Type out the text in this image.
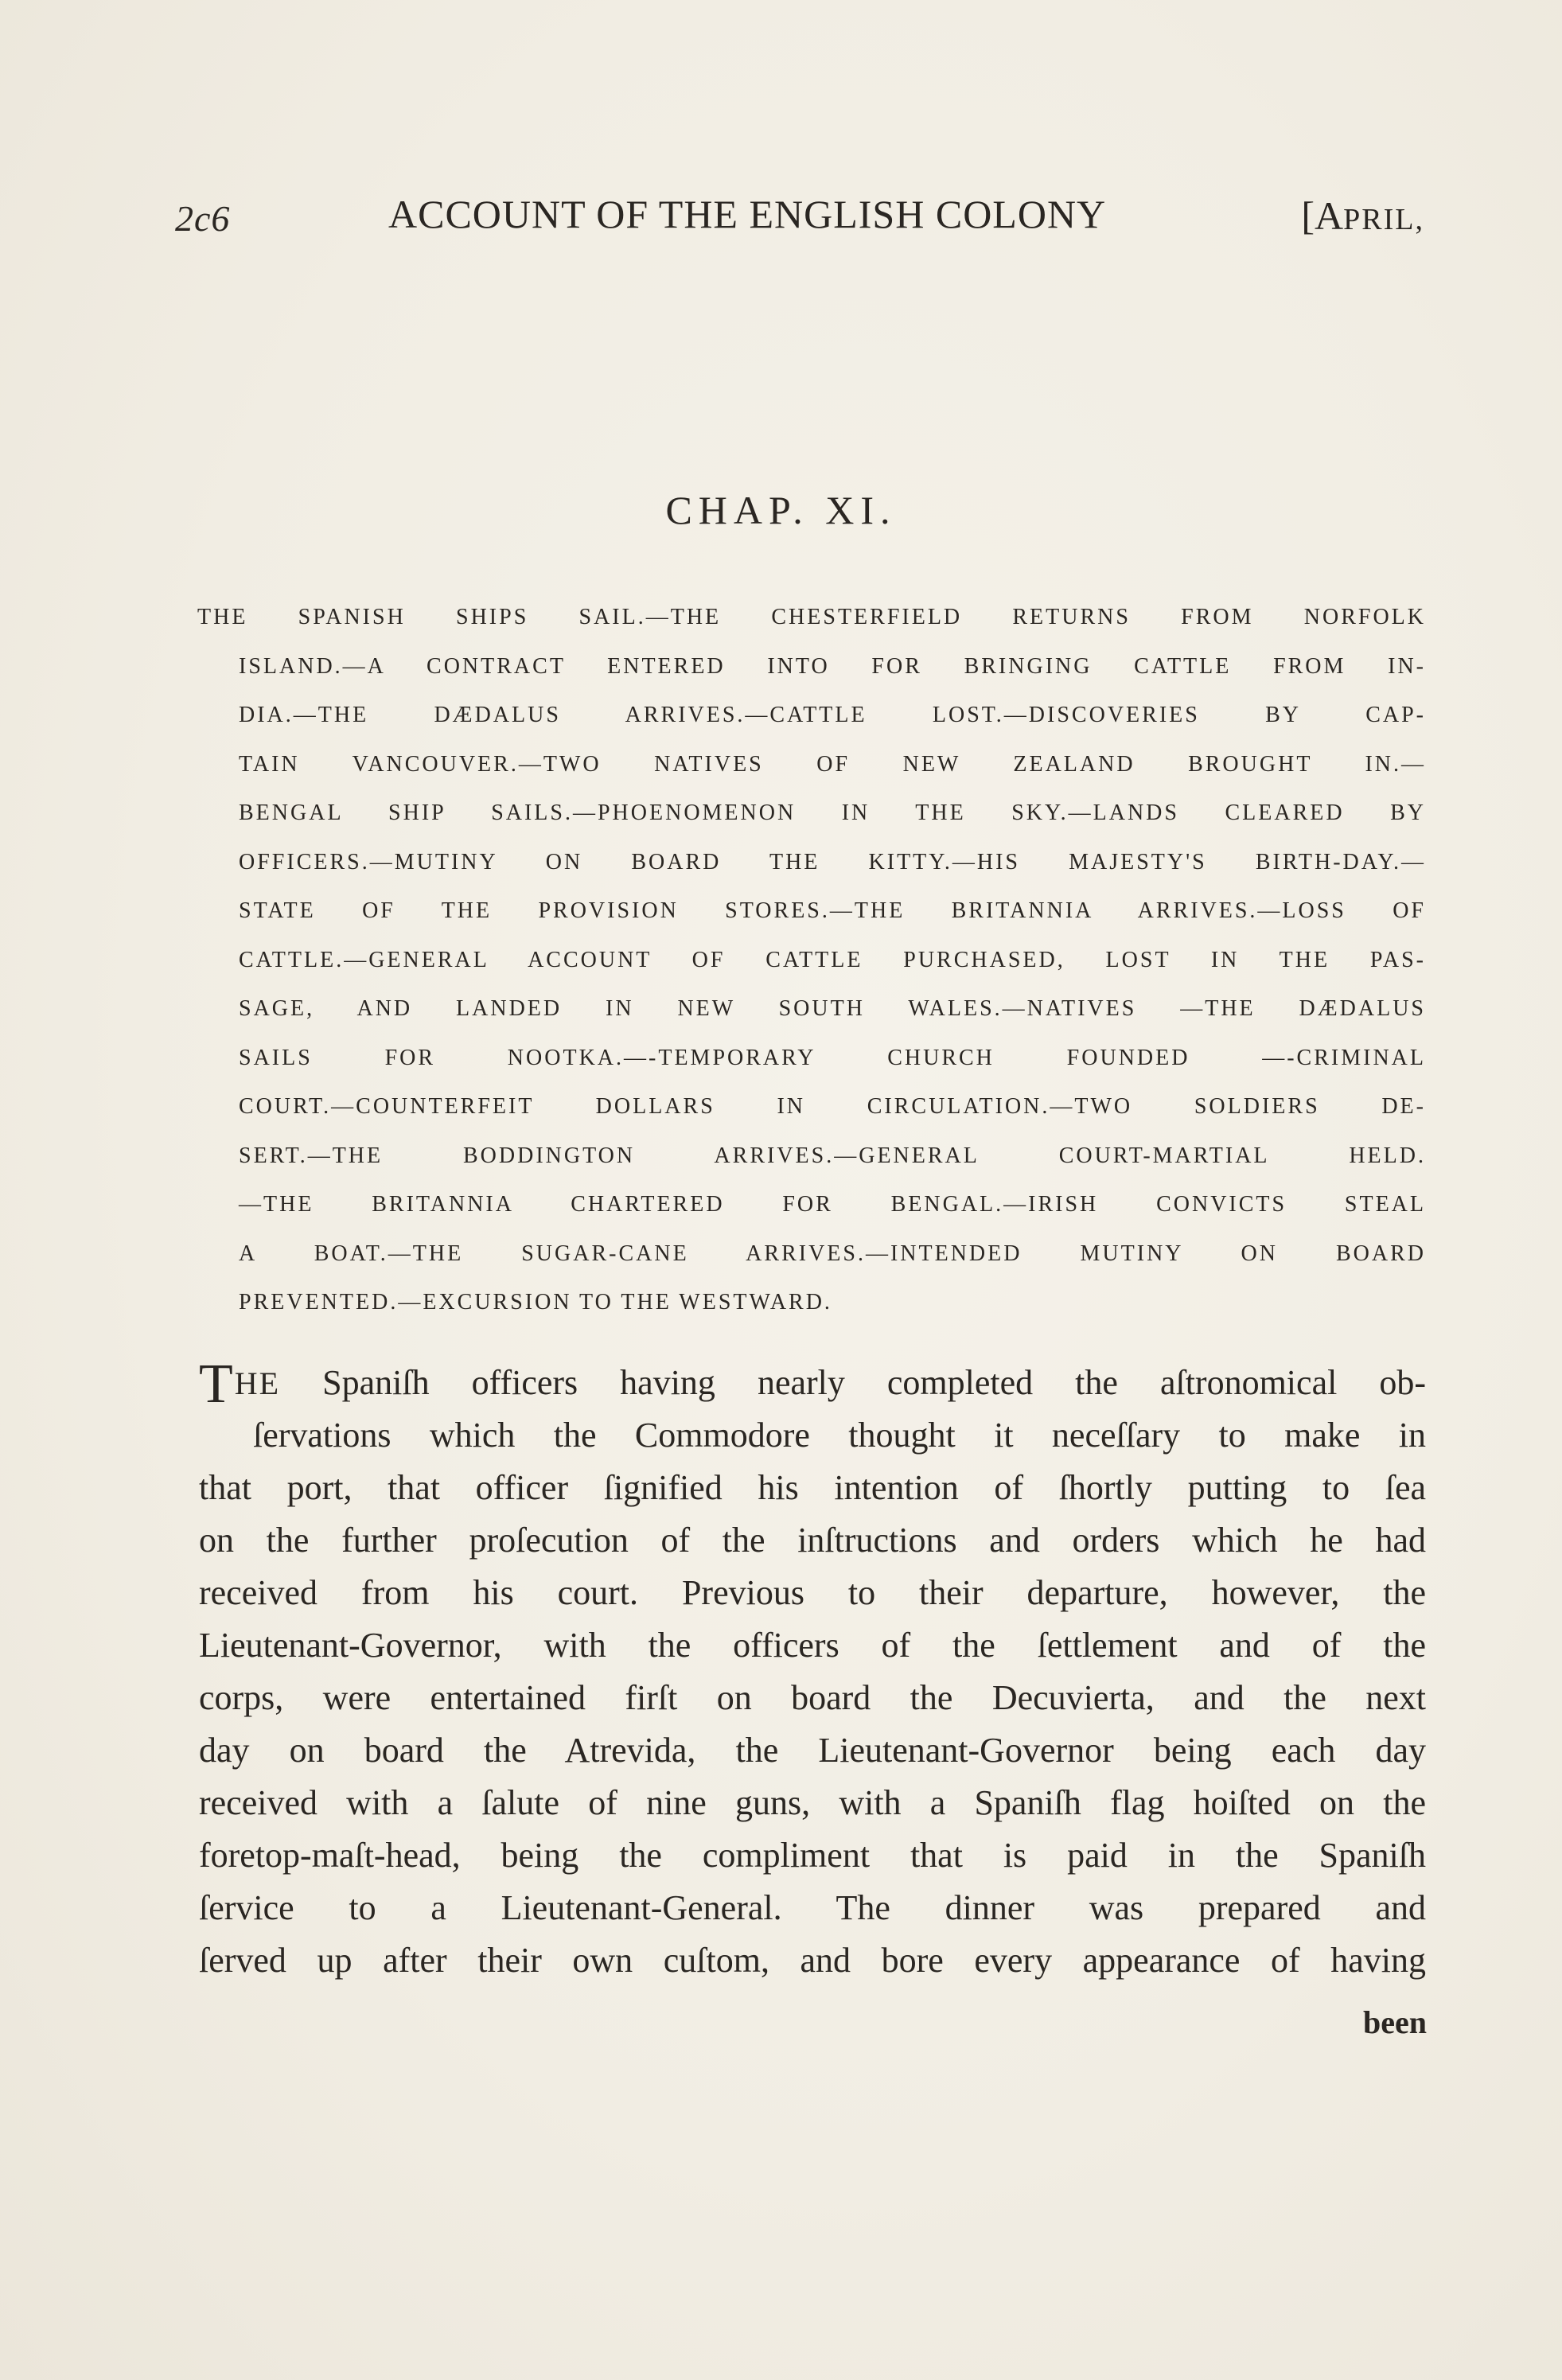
2c6	ACCOUNT OF THE ENGLISH COLONY	[APRIL,
CHAP. XI.
THE SPANISH SHIPS SAIL.—THE CHESTERFIELD RETURNS FROM NORFOLK
ISLAND.—A CONTRACT ENTERED INTO FOR BRINGING CATTLE FROM IN-
DIA.—THE DÆDALUS ARRIVES.—CATTLE LOST.—DISCOVERIES BY CAP-
TAIN VANCOUVER.—TWO NATIVES OF NEW ZEALAND BROUGHT IN.—
BENGAL SHIP SAILS.—PHOENOMENON IN THE SKY.—LANDS CLEARED BY
OFFICERS.—MUTINY ON BOARD THE KITTY.—HIS MAJESTY'S BIRTH-DAY.—
STATE OF THE PROVISION STORES.—THE BRITANNIA ARRIVES.—LOSS OF
CATTLE.—GENERAL ACCOUNT OF CATTLE PURCHASED, LOST IN THE PAS-
SAGE, AND LANDED IN NEW SOUTH WALES.—NATIVES —THE DÆDALUS
SAILS FOR NOOTKA.—-TEMPORARY CHURCH FOUNDED —-CRIMINAL
COURT.—COUNTERFEIT DOLLARS IN CIRCULATION.—TWO SOLDIERS DE-
SERT.—THE BODDINGTON ARRIVES.—GENERAL COURT-MARTIAL HELD.
—THE BRITANNIA CHARTERED FOR BENGAL.—IRISH CONVICTS STEAL
A BOAT.—THE SUGAR-CANE ARRIVES.—INTENDED MUTINY ON BOARD
PREVENTED.—EXCURSION TO THE WESTWARD.
THE Spaniſh officers having nearly completed the aſtronomical ob-
ſervations which the Commodore thought it neceſſary to make in
that port, that officer ſignified his intention of ſhortly putting to ſea
on the further proſecution of the inſtructions and orders which he had
received from his court. Previous to their departure, however, the
Lieutenant-Governor, with the officers of the ſettlement and of the
corps, were entertained firſt on board the Decuvierta, and the next
day on board the Atrevida, the Lieutenant-Governor being each day
received with a ſalute of nine guns, with a Spaniſh flag hoiſted on the
foretop-maſt-head, being the compliment that is paid in the Spaniſh
ſervice to a Lieutenant-General. The dinner was prepared and
ſerved up after their own cuſtom, and bore every appearance of having
been
